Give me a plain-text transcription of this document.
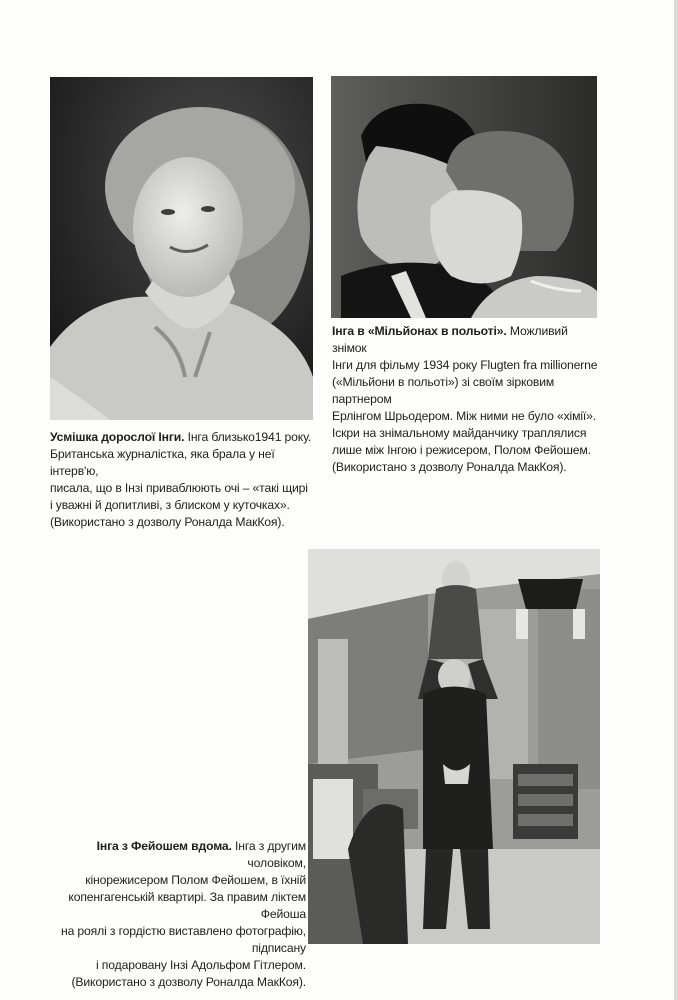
Усмішка дорослої Інги. Інга близько1941 року.

Британська журналістка, яка брала у неї інтерв'ю,

писала, що в Інзі приваблюють очі – «такі щирі

і уважні й допитливі, з блиском у куточках».

(Використано з дозволу Роналда МакКоя).

Інга в «Мільйонах в польоті». Можливий знімок

Інги для фільму 1934 року Flugten fra millionerne

(«Мільйони в польоті») зі своїм зірковим партнером

Ерлінгом Шрьодером. Між ними не було «хімії».

Іскри на знімальному майданчику траплялися

лише між Інгою і режисером, Полом Фейошем.

(Використано з дозволу Роналда МакКоя).

Інга з Фейошем вдома. Інга з другим чоловіком,

кінорежисером Полом Фейошем, в їхній

копенгагенській квартирі. За правим ліктем Фейоша

на роялі з гордістю виставлено фотографію, підписану

і подаровану Інзі Адольфом Гітлером.

(Використано з дозволу Роналда МакКоя).
